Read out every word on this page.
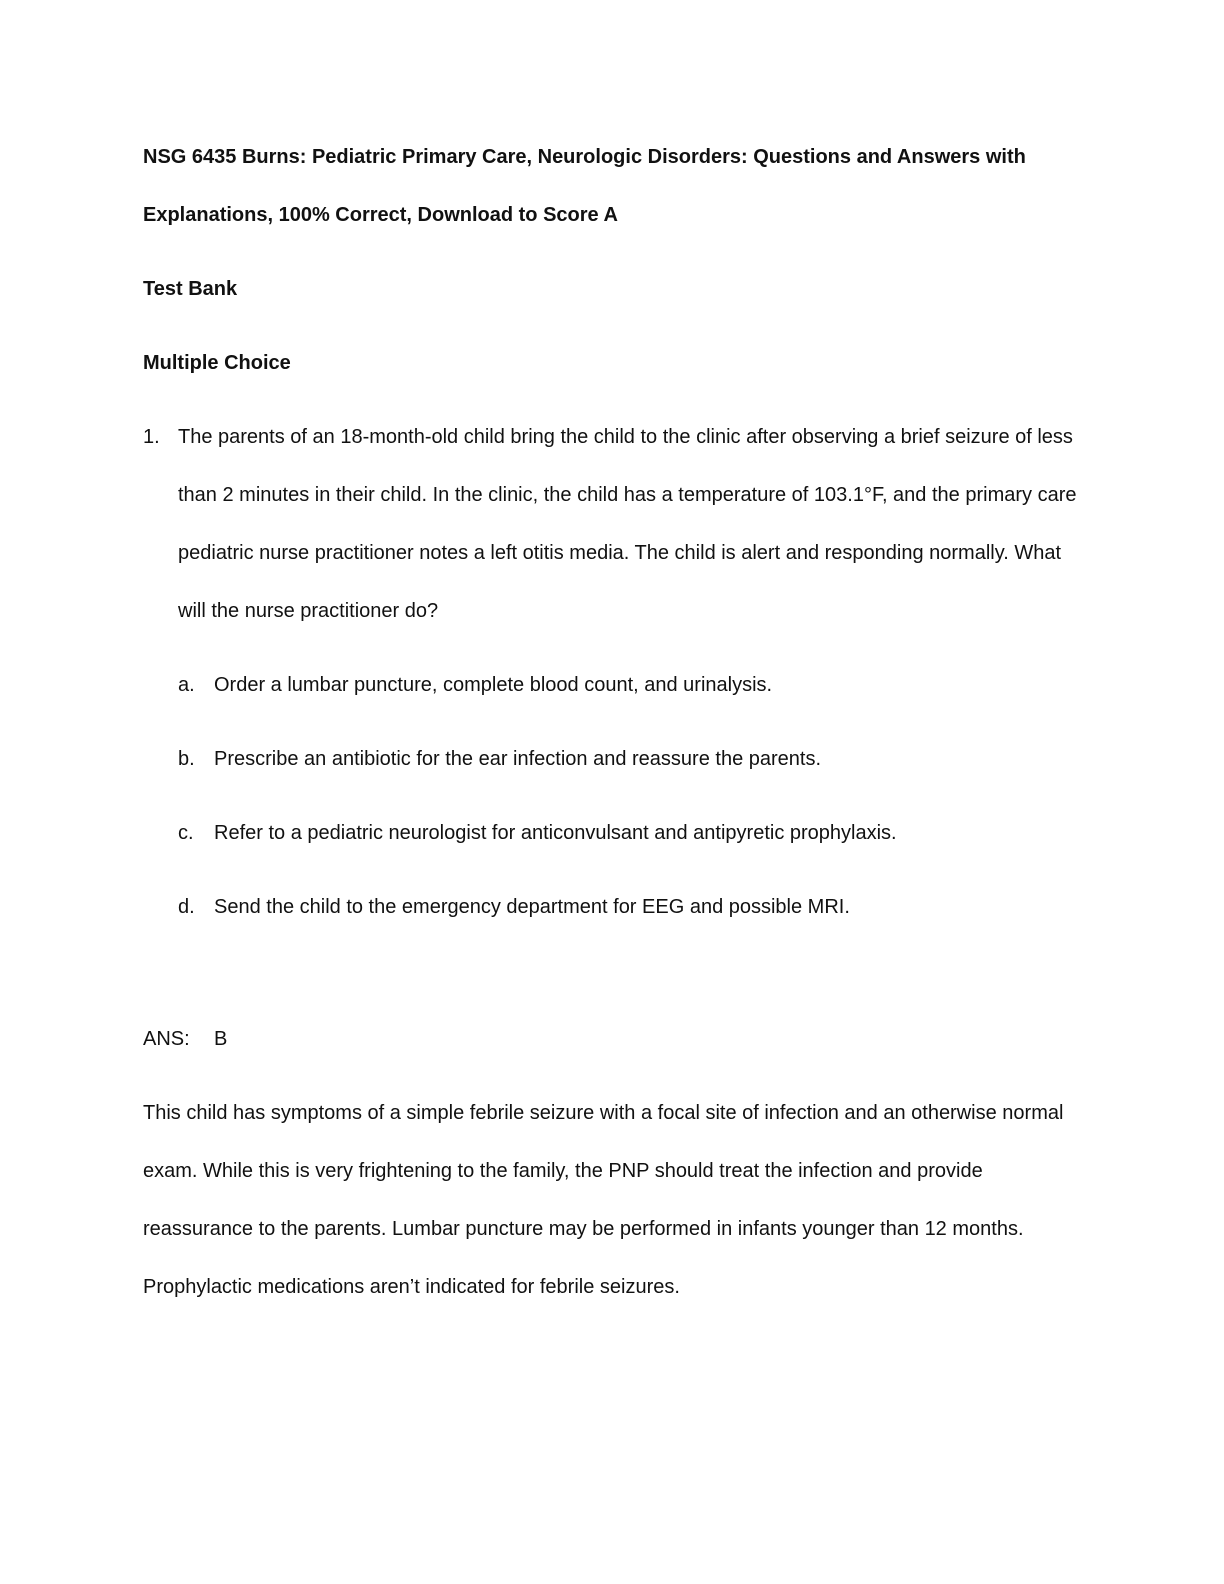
NSG 6435 Burns: Pediatric Primary Care, Neurologic Disorders: Questions and Answers with Explanations, 100% Correct, Download to Score A
Test Bank
Multiple Choice
1. The parents of an 18-month-old child bring the child to the clinic after observing a brief seizure of less than 2 minutes in their child. In the clinic, the child has a temperature of 103.1°F, and the primary care pediatric nurse practitioner notes a left otitis media. The child is alert and responding normally. What will the nurse practitioner do?
a. Order a lumbar puncture, complete blood count, and urinalysis.
b. Prescribe an antibiotic for the ear infection and reassure the parents.
c.	Refer to a pediatric neurologist for anticonvulsant and antipyretic prophylaxis.
d. Send the child to the emergency department for EEG and possible MRI.
ANS:	B
This child has symptoms of a simple febrile seizure with a focal site of infection and an otherwise normal exam. While this is very frightening to the family, the PNP should treat the infection and provide reassurance to the parents. Lumbar puncture may be performed in infants younger than 12 months. Prophylactic medications aren’t indicated for febrile seizures.
